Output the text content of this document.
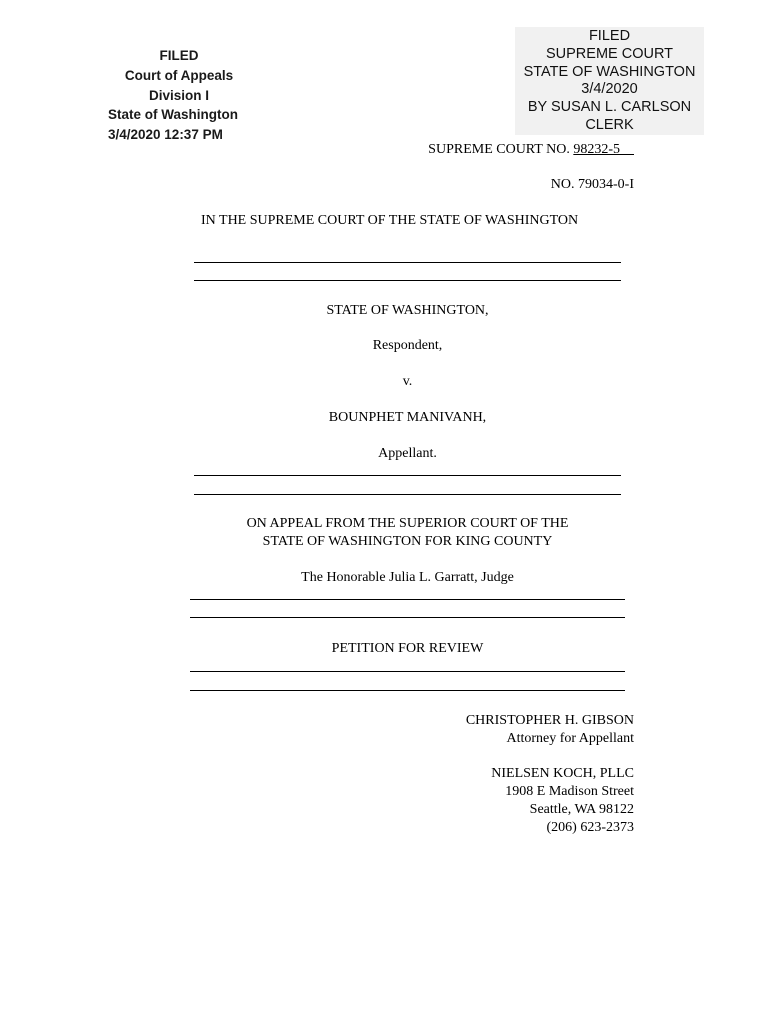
FILED
Court of Appeals
Division I
State of Washington
3/4/2020 12:37 PM
FILED
SUPREME COURT
STATE OF WASHINGTON
3/4/2020
BY SUSAN L. CARLSON
CLERK
SUPREME COURT NO. 98232-5
NO. 79034-0-I
IN THE SUPREME COURT OF THE STATE OF WASHINGTON
STATE OF WASHINGTON,
Respondent,
v.
BOUNPHET MANIVANH,
Appellant.
ON APPEAL FROM THE SUPERIOR COURT OF THE
STATE OF WASHINGTON FOR KING COUNTY
The Honorable Julia L. Garratt, Judge
PETITION FOR REVIEW
CHRISTOPHER H. GIBSON
Attorney for Appellant
NIELSEN KOCH, PLLC
1908 E Madison Street
Seattle, WA 98122
(206) 623-2373
